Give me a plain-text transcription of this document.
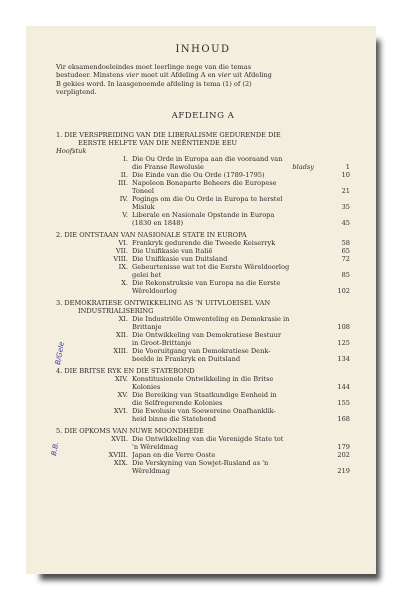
INHOUD
Vir eksamendoeleindes moet leerlinge nege van die temas
bestudeer. Minstens vier moet uit Afdeling A en vier uit Afdeling
B gekies word. In laasgenoemde afdeling is tema (1) of (2)
verpligtend.
AFDELING A
1. DIE VERSPREIDING VAN DIE LIBERALISME GEDURENDE DIE
EERSTE HELFTE VAN DIE NEËNTIENDE EEU
Hoofstuk
I. Die Ou Orde in Europa aan die vooraand van
die Franse Rewolusie	bladsy	1
II. Die Einde van die Ou Orde (1789-1795)	10
III. Napoleon Bonaparte Beheers die Europese
Toneel	21
IV. Pogings om die Ou Orde in Europa te herstel
Misluk	35
V. Liberale en Nasionale Opstande in Europa
(1830 en 1848)	45
2. DIE ONTSTAAN VAN NASIONALE STATE IN EUROPA
VI. Frankryk gedurende die Tweede Keiserryk	58
VII. Die Unifikasie van Italië	65
VIII. Die Unifikasie van Duitsland	72
IX. Gebeurtenisse wat tot die Eerste Wêreldoorlog
gelei het	85
X. Die Rekonstruksie van Europa na die Eerste
Wêreldoorlog	102
3. DEMOKRATIESE ONTWIKKELING AS 'N UITVLOEISEL VAN
INDUSTRIALISERING
XI. Die Industriële Omwenteling en Demokrasie in
Brittanje	108
XII. Die Ontwikkeling van Demokratiese Bestuur
in Groot-Brittanje	125
XIII. Die Vooruitgang van Demokratiese Denk-
beelde in Frankryk en Duitsland	134
4. DIE BRITSE RYK EN DIE STATEBOND
XIV. Konstitusionele Ontwikkeling in die Britse
Kolonies	144
XV. Die Bereiking van Staatkundige Eenheid in
die Selfregerende Kolonies	155
XVI. Die Ewolusie van Soewereine Onafhanklik-
heid binne die Statebond	168
5. DIE OPKOMS VAN NUWE MOONDHEDE
XVII. Die Ontwikkeling van die Verenigde State tot
'n Wêreldmag	179
XVIII. Japan en die Verre Ooste	202
XIX. Die Verskyning van Sowjet-Rusland as 'n
Wêreldmag	219
B/Gele
B.B.
